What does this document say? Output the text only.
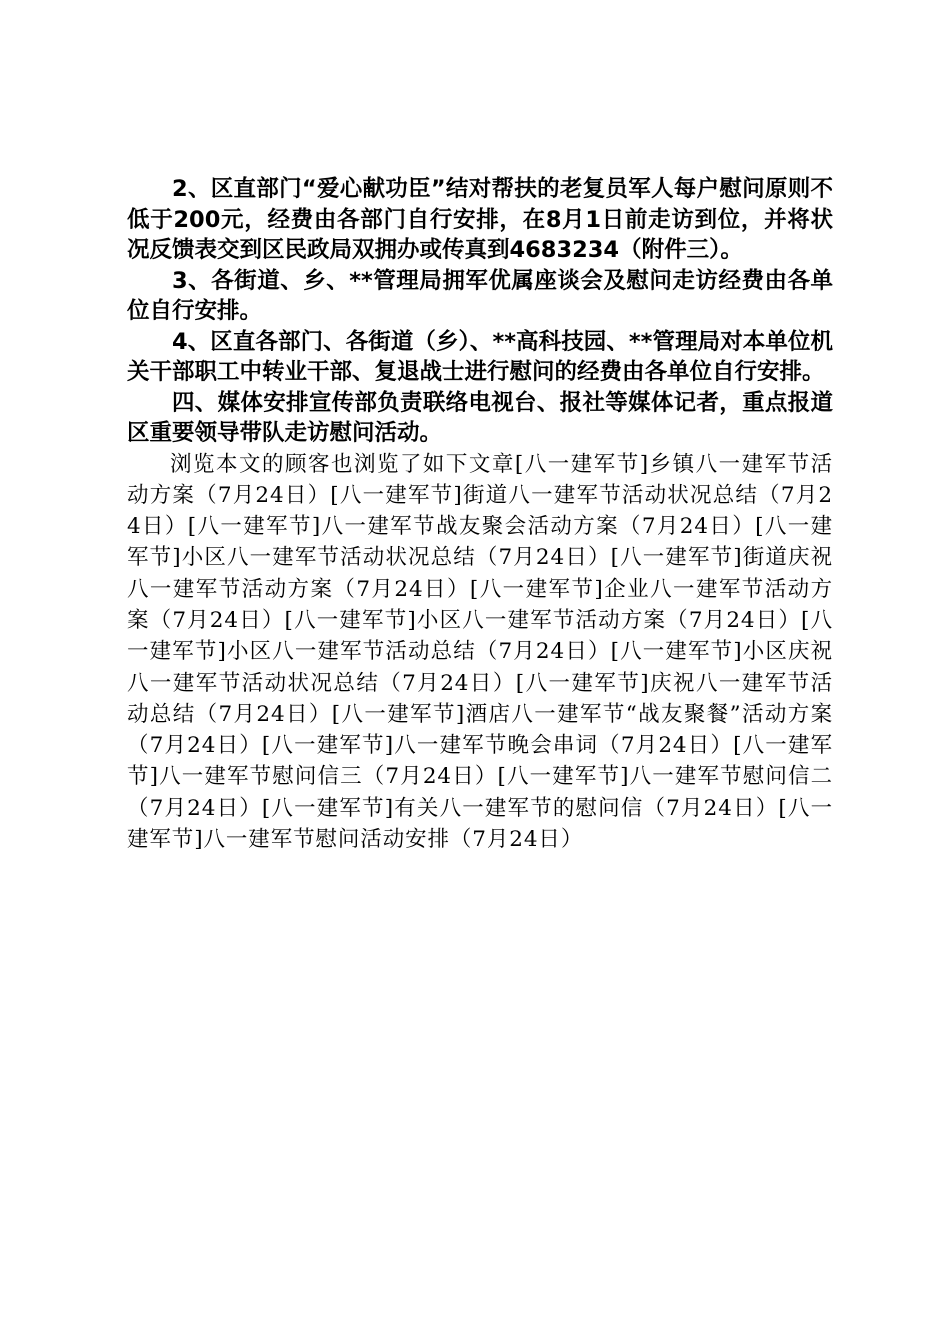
2、区直部门“爱心献功臣”结对帮扶的老复员军人每户慰问原则不低于200元，经费由各部门自行安排，在8月1日前走访到位，并将状况反馈表交到区民政局双拥办或传真到4683234（附件三）。

3、各街道、乡、**管理局拥军优属座谈会及慰问走访经费由各单位自行安排。

4、区直各部门、各街道（乡）、**高科技园、**管理局对本单位机关干部职工中转业干部、复退战士进行慰问的经费由各单位自行安排。

四、媒体安排宣传部负责联络电视台、报社等媒体记者，重点报道区重要领导带队走访慰问活动。

浏览本文的顾客也浏览了如下文章[八一建军节]乡镇八一建军节活动方案（7月24日）[八一建军节]街道八一建军节活动状况总结（7月24日）[八一建军节]八一建军节战友聚会活动方案（7月24日）[八一建军节]小区八一建军节活动状况总结（7月24日）[八一建军节]街道庆祝八一建军节活动方案（7月24日）[八一建军节]企业八一建军节活动方案（7月24日）[八一建军节]小区八一建军节活动方案（7月24日）[八一建军节]小区八一建军节活动总结（7月24日）[八一建军节]小区庆祝八一建军节活动状况总结（7月24日）[八一建军节]庆祝八一建军节活动总结（7月24日）[八一建军节]酒店八一建军节“战友聚餐”活动方案（7月24日）[八一建军节]八一建军节晚会串词（7月24日）[八一建军节]八一建军节慰问信三（7月24日）[八一建军节]八一建军节慰问信二（7月24日）[八一建军节]有关八一建军节的慰问信（7月24日）[八一建军节]八一建军节慰问活动安排（7月24日）
